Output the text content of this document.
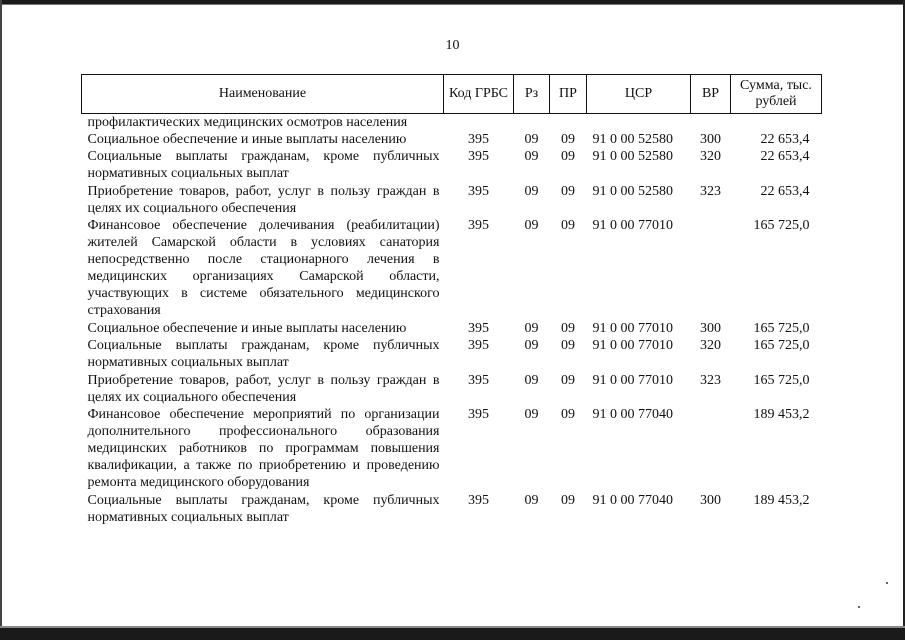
10
Наименование	Код ГРБС	Рз	ПР	ЦСР	ВР	Сумма, тыс. рублей
профилактических медицинских осмотров населения						
Социальное обеспечение и иные выплаты населению	395	09	09	91 0 00 52580	300	22 653,4
Социальные выплаты гражданам, кроме публичных нормативных социальных выплат	395	09	09	91 0 00 52580	320	22 653,4
Приобретение товаров, работ, услуг в пользу граждан в целях их социального обеспечения	395	09	09	91 0 00 52580	323	22 653,4
Финансовое обеспечение долечивания (реабилитации) жителей Самарской области в условиях санатория непосредственно после стационарного лечения в медицинских организациях Самарской области, участвующих в системе обязательного медицинского страхования	395	09	09	91 0 00 77010		165 725,0
Социальное обеспечение и иные выплаты населению	395	09	09	91 0 00 77010	300	165 725,0
Социальные выплаты гражданам, кроме публичных нормативных социальных выплат	395	09	09	91 0 00 77010	320	165 725,0
Приобретение товаров, работ, услуг в пользу граждан в целях их социального обеспечения	395	09	09	91 0 00 77010	323	165 725,0
Финансовое обеспечение мероприятий по организации дополнительного профессионального образования медицинских работников по программам повышения квалификации, а также по приобретению и проведению ремонта медицинского оборудования	395	09	09	91 0 00 77040		189 453,2
Социальные выплаты гражданам, кроме публичных нормативных социальных выплат	395	09	09	91 0 00 77040	300	189 453,2
